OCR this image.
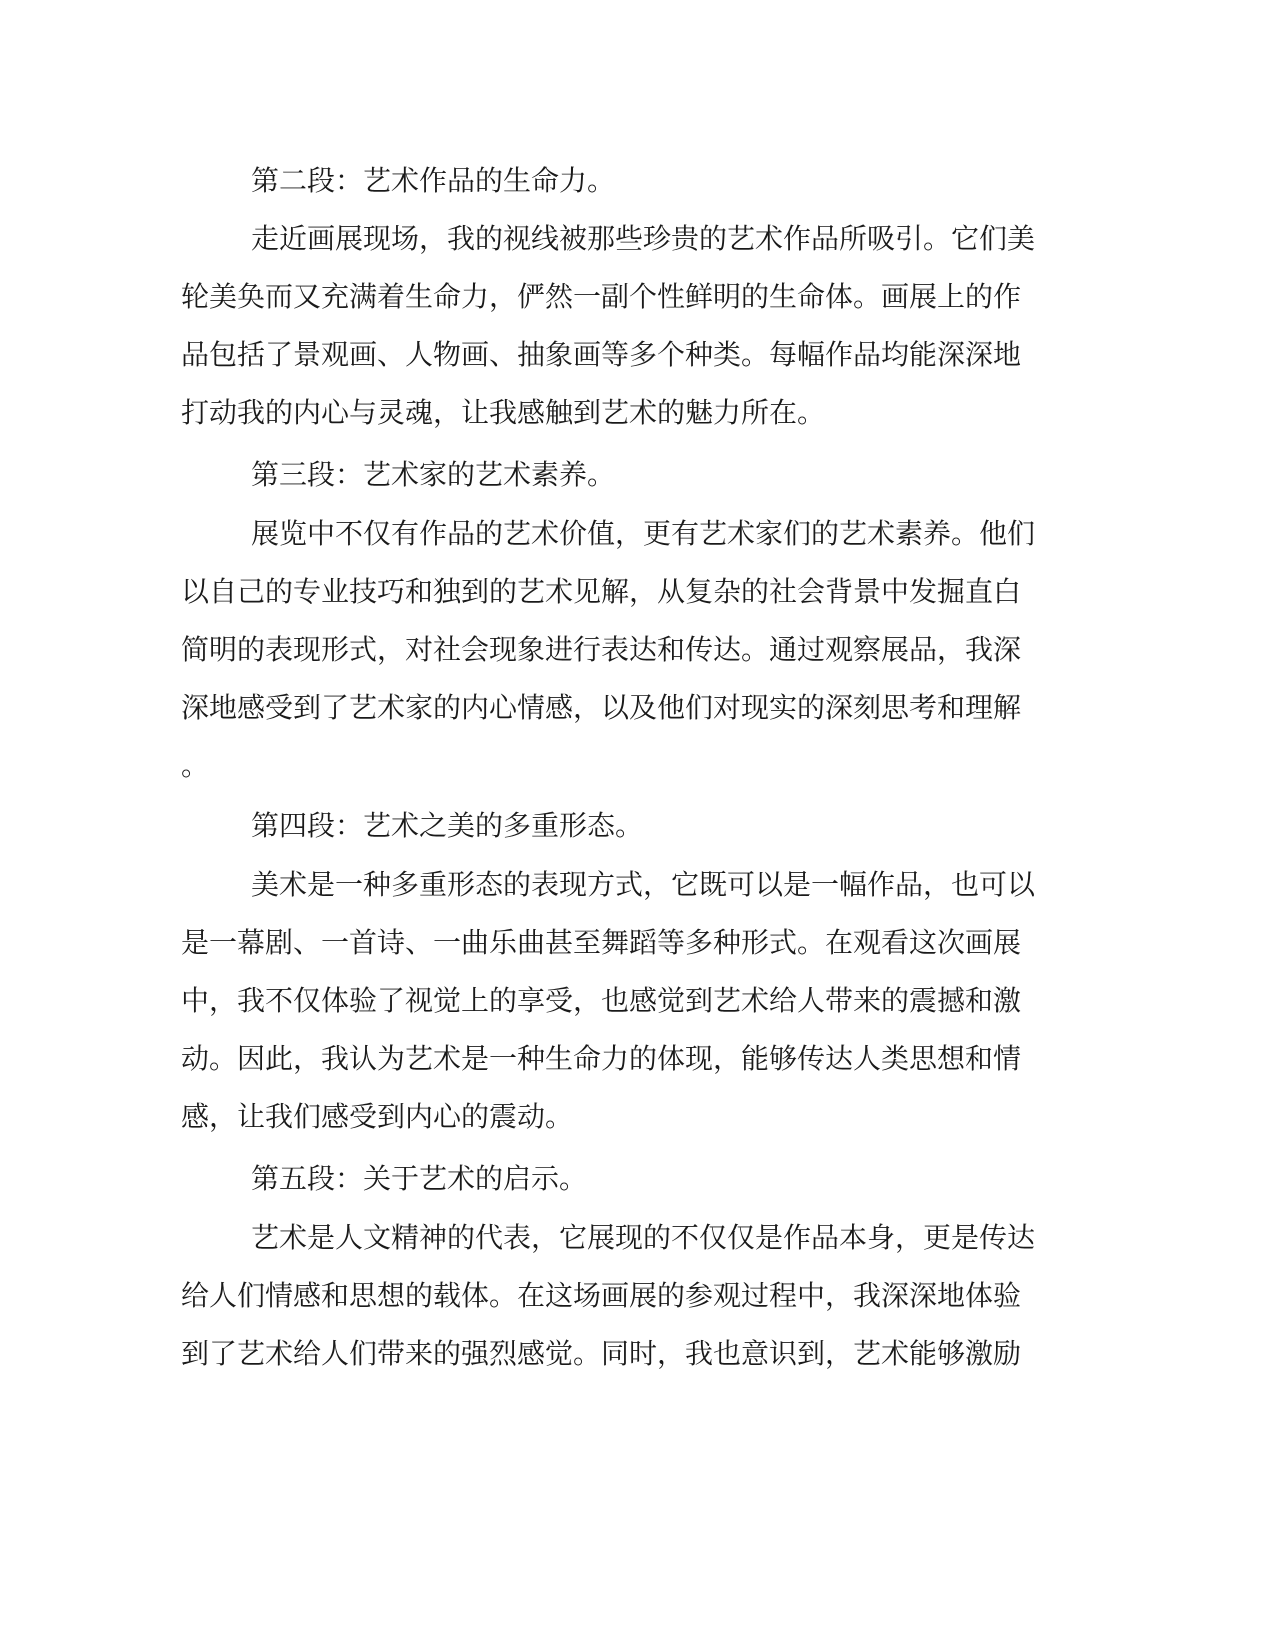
第二段：艺术作品的生命力。

走近画展现场，我的视线被那些珍贵的艺术作品所吸引。它们美

轮美奂而又充满着生命力，俨然一副个性鲜明的生命体。画展上的作

品包括了景观画、人物画、抽象画等多个种类。每幅作品均能深深地

打动我的内心与灵魂，让我感触到艺术的魅力所在。

第三段：艺术家的艺术素养。

展览中不仅有作品的艺术价值，更有艺术家们的艺术素养。他们

以自己的专业技巧和独到的艺术见解，从复杂的社会背景中发掘直白

简明的表现形式，对社会现象进行表达和传达。通过观察展品，我深

深地感受到了艺术家的内心情感，以及他们对现实的深刻思考和理解

。

第四段：艺术之美的多重形态。

美术是一种多重形态的表现方式，它既可以是一幅作品，也可以

是一幕剧、一首诗、一曲乐曲甚至舞蹈等多种形式。在观看这次画展

中，我不仅体验了视觉上的享受，也感觉到艺术给人带来的震撼和激

动。因此，我认为艺术是一种生命力的体现，能够传达人类思想和情

感，让我们感受到内心的震动。

第五段：关于艺术的启示。

艺术是人文精神的代表，它展现的不仅仅是作品本身，更是传达

给人们情感和思想的载体。在这场画展的参观过程中，我深深地体验

到了艺术给人们带来的强烈感觉。同时，我也意识到，艺术能够激励
